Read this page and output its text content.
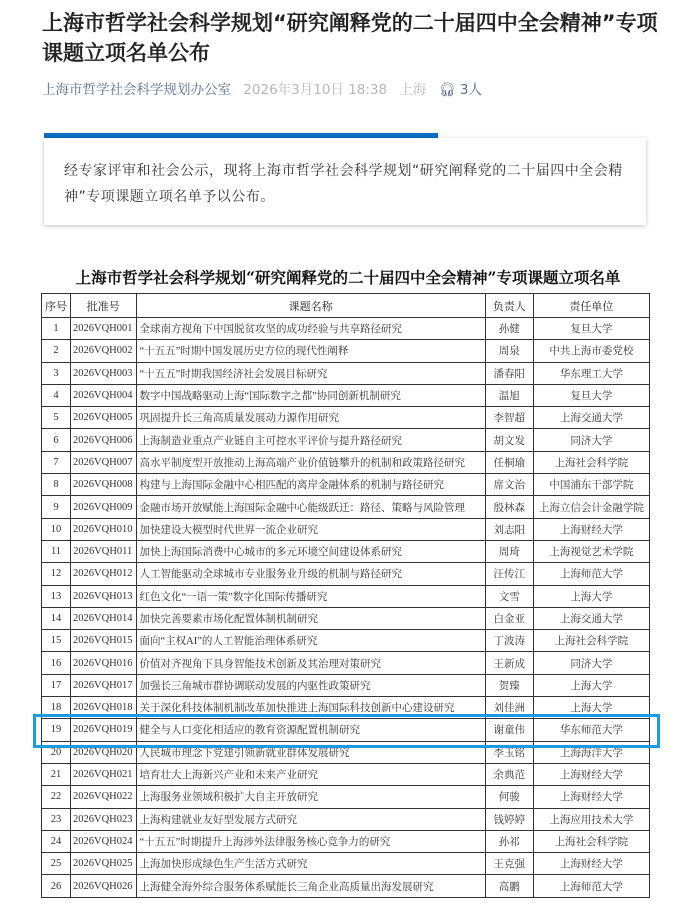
上海市哲学社会科学规划“研究阐释党的二十届四中全会精神”专项课题立项名单公布
上海市哲学社会科学规划办公室 2026年3月10日 18:38 上海 🎧︎ 3人
经专家评审和社会公示，现将上海市哲学社会科学规划“研究阐释党的二十届四中全会精神”专项课题立项名单予以公布。
上海市哲学社会科学规划“研究阐释党的二十届四中全会精神”专项课题立项名单
序号	批准号	课题名称	负责人	责任单位
1	2026VQH001	全球南方视角下中国脱贫攻坚的成功经验与共享路径研究	孙健	复旦大学
2	2026VQH002	“十五五”时期中国发展历史方位的现代性阐释	周泉	中共上海市委党校
3	2026VQH003	“十五五”时期我国经济社会发展目标研究	潘春阳	华东理工大学
4	2026VQH004	数字中国战略驱动上海“国际数字之都”协同创新机制研究	温旭	复旦大学
5	2026VQH005	巩固提升长三角高质量发展动力源作用研究	李智超	上海交通大学
6	2026VQH006	上海制造业重点产业链自主可控水平评价与提升路径研究	胡文发	同济大学
7	2026VQH007	高水平制度型开放推动上海高端产业价值链攀升的机制和政策路径研究	任桐瑜	上海社会科学院
8	2026VQH008	构建与上海国际金融中心相匹配的离岸金融体系的机制与路径研究	席文治	中国浦东干部学院
9	2026VQH009	金融市场开放赋能上海国际金融中心能级跃迁：路径、策略与风险管理	殷林森	上海立信会计金融学院
10	2026VQH010	加快建设大模型时代世界一流企业研究	刘志阳	上海财经大学
11	2026VQH011	加快上海国际消费中心城市的多元环境空间建设体系研究	周琦	上海视觉艺术学院
12	2026VQH012	人工智能驱动全球城市专业服务业升级的机制与路径研究	汪传江	上海师范大学
13	2026VQH013	红色文化“一语一策”数字化国际传播研究	文雪	上海大学
14	2026VQH014	加快完善要素市场化配置体制机制研究	白金亚	上海交通大学
15	2026VQH015	面向“主权AI”的人工智能治理体系研究	丁波涛	上海社会科学院
16	2026VQH016	价值对齐视角下具身智能技术创新及其治理对策研究	王新成	同济大学
17	2026VQH017	加强长三角城市群协调联动发展的内驱性政策研究	贺臻	上海大学
18	2026VQH018	关于深化科技体制机制改革加快推进上海国际科技创新中心建设研究	刘佳洲	上海大学
19	2026VQH019	健全与人口变化相适应的教育资源配置机制研究	谢童伟	华东师范大学
20	2026VQH020	人民城市理念下党建引领新就业群体发展研究	李玉铭	上海海洋大学
21	2026VQH021	培育壮大上海新兴产业和未来产业研究	余典范	上海财经大学
22	2026VQH022	上海服务业领域积极扩大自主开放研究	何骏	上海财经大学
23	2026VQH023	上海构建就业友好型发展方式研究	钱婷婷	上海应用技术大学
24	2026VQH024	“十五五”时期提升上海涉外法律服务核心竞争力的研究	孙祁	上海社会科学院
25	2026VQH025	上海加快形成绿色生产生活方式研究	王克强	上海财经大学
26	2026VQH026	上海健全海外综合服务体系赋能长三角企业高质量出海发展研究	高鹏	上海师范大学
